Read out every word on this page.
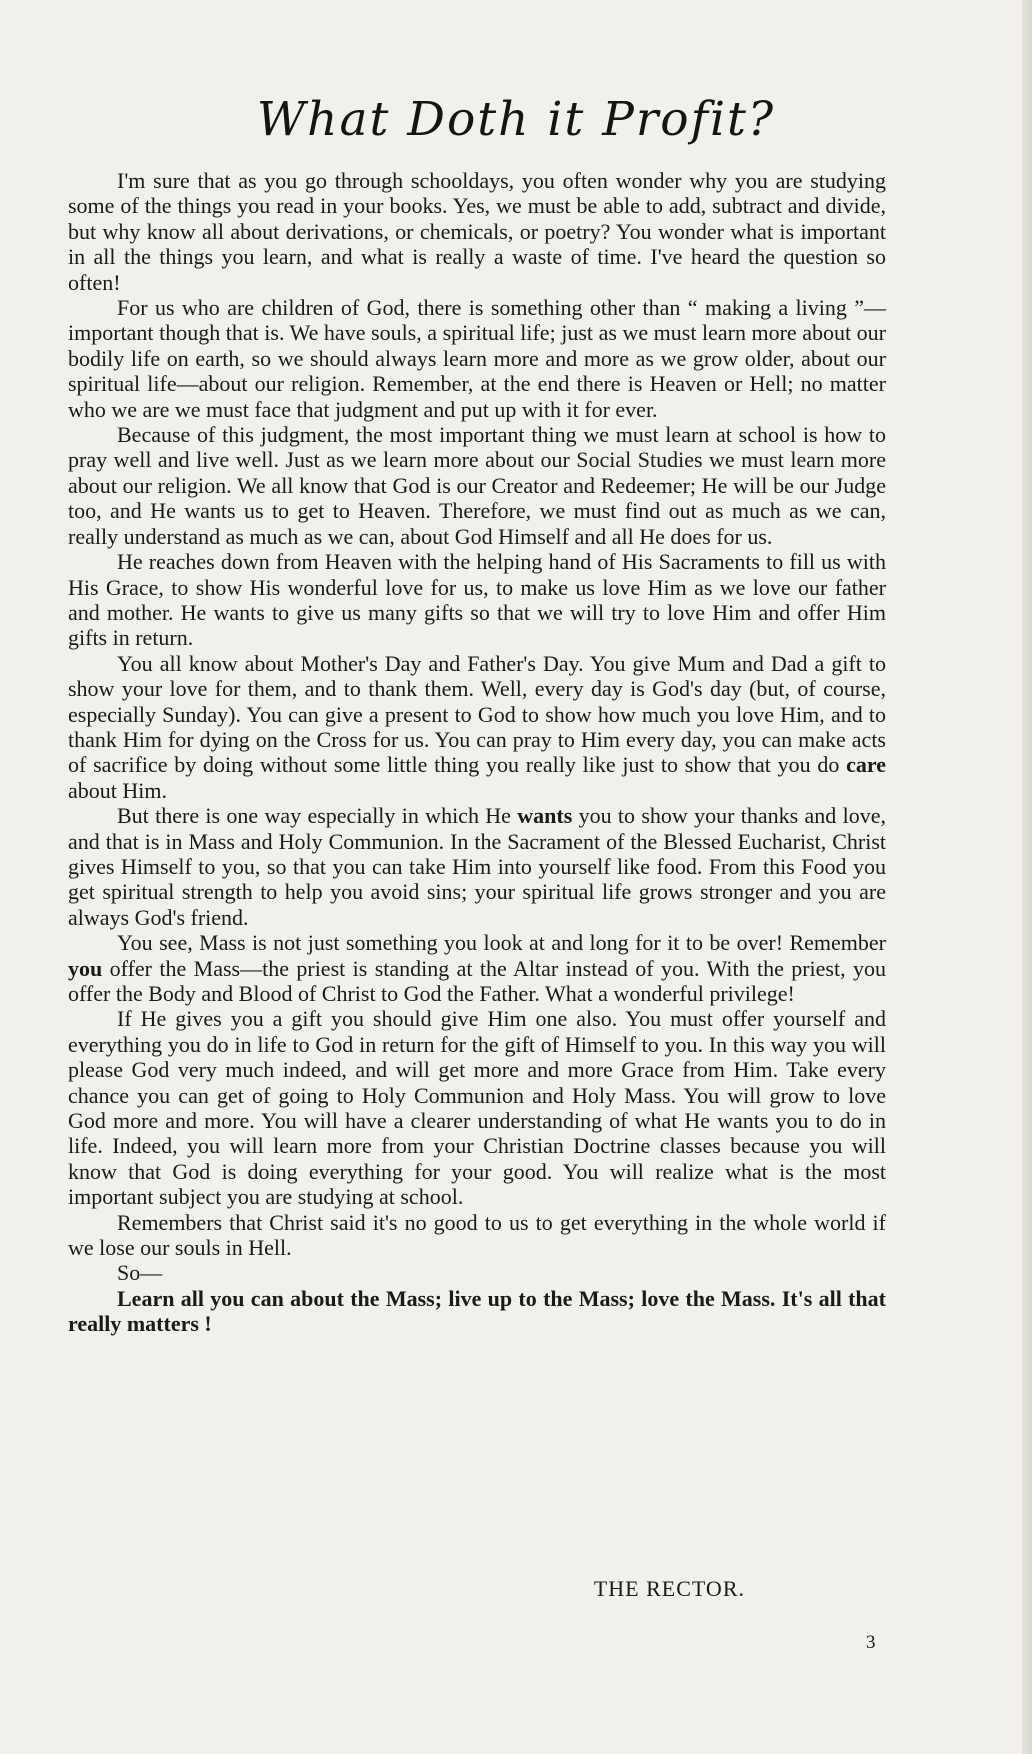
What Doth it Profit?

I'm sure that as you go through schooldays, you often wonder why you are studying some of the things you read in your books. Yes, we must be able to add, subtract and divide, but why know all about derivations, or chemicals, or poetry? You wonder what is important in all the things you learn, and what is really a waste of time. I've heard the question so often!

For us who are children of God, there is something other than “ making a living ”—important though that is. We have souls, a spiritual life; just as we must learn more about our bodily life on earth, so we should always learn more and more as we grow older, about our spiritual life—about our religion. Remember, at the end there is Heaven or Hell; no matter who we are we must face that judgment and put up with it for ever.

Because of this judgment, the most important thing we must learn at school is how to pray well and live well. Just as we learn more about our Social Studies we must learn more about our religion. We all know that God is our Creator and Redeemer; He will be our Judge too, and He wants us to get to Heaven. Therefore, we must find out as much as we can, really understand as much as we can, about God Himself and all He does for us.

He reaches down from Heaven with the helping hand of His Sacraments to fill us with His Grace, to show His wonderful love for us, to make us love Him as we love our father and mother. He wants to give us many gifts so that we will try to love Him and offer Him gifts in return.

You all know about Mother's Day and Father's Day. You give Mum and Dad a gift to show your love for them, and to thank them. Well, every day is God's day (but, of course, especially Sunday). You can give a present to God to show how much you love Him, and to thank Him for dying on the Cross for us. You can pray to Him every day, you can make acts of sacrifice by doing without some little thing you really like just to show that you do care about Him.

But there is one way especially in which He wants you to show your thanks and love, and that is in Mass and Holy Communion. In the Sacrament of the Blessed Eucharist, Christ gives Himself to you, so that you can take Him into yourself like food. From this Food you get spiritual strength to help you avoid sins; your spiritual life grows stronger and you are always God's friend.

You see, Mass is not just something you look at and long for it to be over! Remember you offer the Mass—the priest is standing at the Altar instead of you. With the priest, you offer the Body and Blood of Christ to God the Father. What a wonderful privilege!

If He gives you a gift you should give Him one also. You must offer yourself and everything you do in life to God in return for the gift of Himself to you. In this way you will please God very much indeed, and will get more and more Grace from Him. Take every chance you can get of going to Holy Communion and Holy Mass. You will grow to love God more and more. You will have a clearer understanding of what He wants you to do in life. Indeed, you will learn more from your Christian Doctrine classes because you will know that God is doing everything for your good. You will realize what is the most important subject you are studying at school.

Remembers that Christ said it's no good to us to get everything in the whole world if we lose our souls in Hell.

So—

Learn all you can about the Mass; live up to the Mass; love the Mass. It's all that really matters !

THE RECTOR.
3
